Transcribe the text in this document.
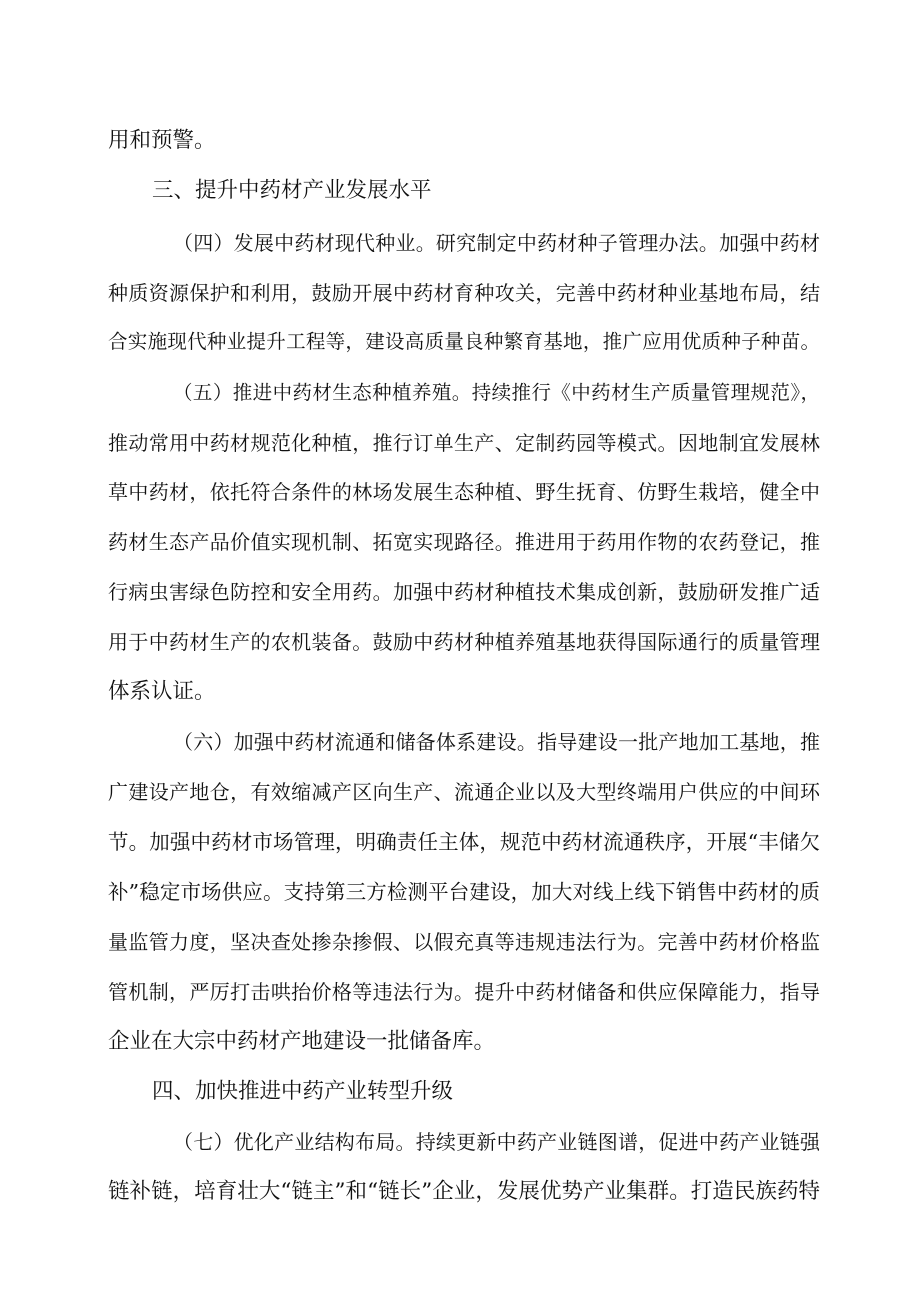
用和预警。
三、提升中药材产业发展水平
（四）发展中药材现代种业。研究制定中药材种子管理办法。加强中药材
种质资源保护和利用，鼓励开展中药材育种攻关，完善中药材种业基地布局，结
合实施现代种业提升工程等，建设高质量良种繁育基地，推广应用优质种子种苗。
（五）推进中药材生态种植养殖。持续推行《中药材生产质量管理规范》，
推动常用中药材规范化种植，推行订单生产、定制药园等模式。因地制宜发展林
草中药材，依托符合条件的林场发展生态种植、野生抚育、仿野生栽培，健全中
药材生态产品价值实现机制、拓宽实现路径。推进用于药用作物的农药登记，推
行病虫害绿色防控和安全用药。加强中药材种植技术集成创新，鼓励研发推广适
用于中药材生产的农机装备。鼓励中药材种植养殖基地获得国际通行的质量管理
体系认证。
（六）加强中药材流通和储备体系建设。指导建设一批产地加工基地，推
广建设产地仓，有效缩减产区向生产、流通企业以及大型终端用户供应的中间环
节。加强中药材市场管理，明确责任主体，规范中药材流通秩序，开展“丰储欠
补”稳定市场供应。支持第三方检测平台建设，加大对线上线下销售中药材的质
量监管力度，坚决查处掺杂掺假、以假充真等违规违法行为。完善中药材价格监
管机制，严厉打击哄抬价格等违法行为。提升中药材储备和供应保障能力，指导
企业在大宗中药材产地建设一批储备库。
四、加快推进中药产业转型升级
（七）优化产业结构布局。持续更新中药产业链图谱，促进中药产业链强
链补链，培育壮大“链主”和“链长”企业，发展优势产业集群。打造民族药特
